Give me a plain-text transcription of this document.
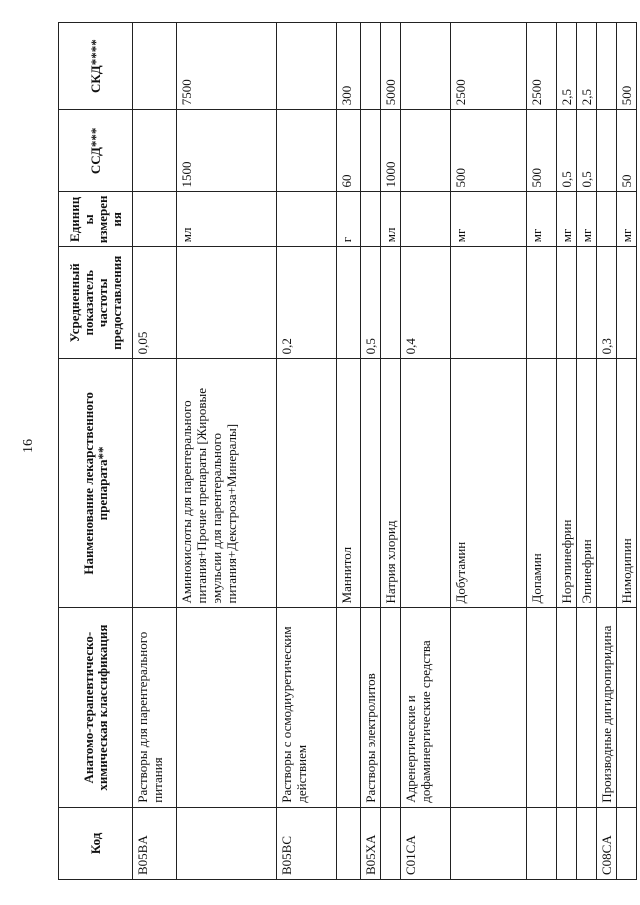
16
Код	Анатомо-терапевтическо-химическая классификация	Наименование лекарственного препарата**	Усредненный показатель частоты предоставления	Единицы измерения	ССД***	СКД****
B05BA	Растворы для парентерального питания		0,05			
		Аминокислоты для парентерального питания+Прочие препараты [Жировые эмульсии для парентерального питания+Декстроза+Минералы]		мл	1500	7500
B05BC	Растворы с осмодиуретическим действием		0,2			
		Маннитол		г	60	300
B05XA	Растворы электролитов		0,5			
		Натрия хлорид		мл	1000	5000
C01CA	Адренергические и дофаминергические средства		0,4			
		Добутамин		мг	500	2500
		Допамин		мг	500	2500
		Норэпинефрин		мг	0,5	2,5
		Эпинефрин		мг	0,5	2,5
C08CA	Производные дигидропиридина		0,3			
		Нимодипин		мг	50	500
